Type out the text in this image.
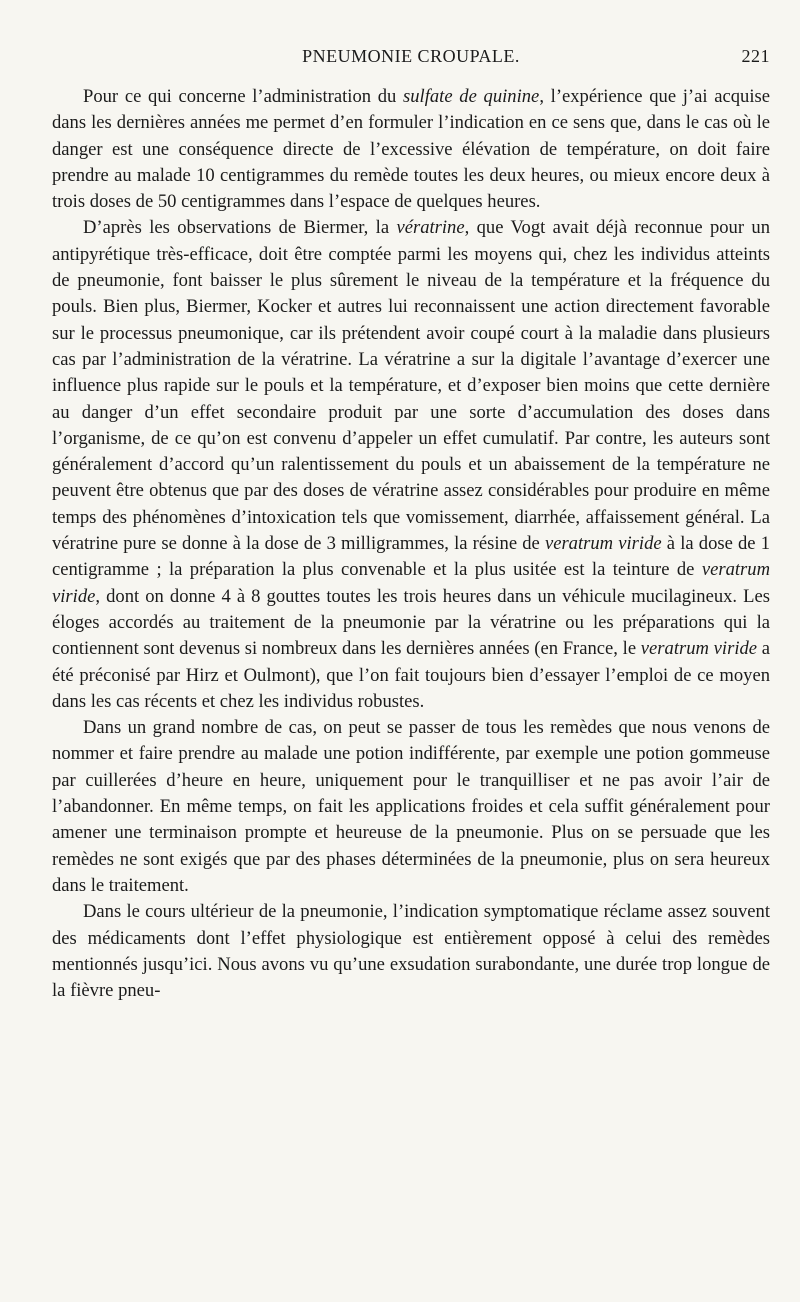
PNEUMONIE CROUPALE.	221

Pour ce qui concerne l’administration du sulfate de quinine, l’expérience que j’ai acquise dans les dernières années me permet d’en formuler l’indication en ce sens que, dans le cas où le danger est une conséquence directe de l’excessive élévation de température, on doit faire prendre au malade 10 centigrammes du remède toutes les deux heures, ou mieux encore deux à trois doses de 50 centigrammes dans l’espace de quelques heures.

D’après les observations de Biermer, la vératrine, que Vogt avait déjà reconnue pour un antipyrétique très-efficace, doit être comptée parmi les moyens qui, chez les individus atteints de pneumonie, font baisser le plus sûrement le niveau de la température et la fréquence du pouls. Bien plus, Biermer, Kocker et autres lui reconnaissent une action directement favorable sur le processus pneumonique, car ils prétendent avoir coupé court à la maladie dans plusieurs cas par l’administration de la vératrine. La vératrine a sur la digitale l’avantage d’exercer une influence plus rapide sur le pouls et la température, et d’exposer bien moins que cette dernière au danger d’un effet secondaire produit par une sorte d’accumulation des doses dans l’organisme, de ce qu’on est convenu d’appeler un effet cumulatif. Par contre, les auteurs sont généralement d’accord qu’un ralentissement du pouls et un abaissement de la température ne peuvent être obtenus que par des doses de vératrine assez considérables pour produire en même temps des phénomènes d’intoxication tels que vomissement, diarrhée, affaissement général. La vératrine pure se donne à la dose de 3 milligrammes, la résine de veratrum viride à la dose de 1 centigramme ; la préparation la plus convenable et la plus usitée est la teinture de veratrum viride, dont on donne 4 à 8 gouttes toutes les trois heures dans un véhicule mucilagineux. Les éloges accordés au traitement de la pneumonie par la vératrine ou les préparations qui la contiennent sont devenus si nombreux dans les dernières années (en France, le veratrum viride a été préconisé par Hirz et Oulmont), que l’on fait toujours bien d’essayer l’emploi de ce moyen dans les cas récents et chez les individus robustes.

Dans un grand nombre de cas, on peut se passer de tous les remèdes que nous venons de nommer et faire prendre au malade une potion indifférente, par exemple une potion gommeuse par cuillerées d’heure en heure, uniquement pour le tranquilliser et ne pas avoir l’air de l’abandonner. En même temps, on fait les applications froides et cela suffit généralement pour amener une terminaison prompte et heureuse de la pneumonie. Plus on se persuade que les remèdes ne sont exigés que par des phases déterminées de la pneumonie, plus on sera heureux dans le traitement.

Dans le cours ultérieur de la pneumonie, l’indication symptomatique réclame assez souvent des médicaments dont l’effet physiologique est entièrement opposé à celui des remèdes mentionnés jusqu’ici. Nous avons vu qu’une exsudation surabondante, une durée trop longue de la fièvre pneu-
